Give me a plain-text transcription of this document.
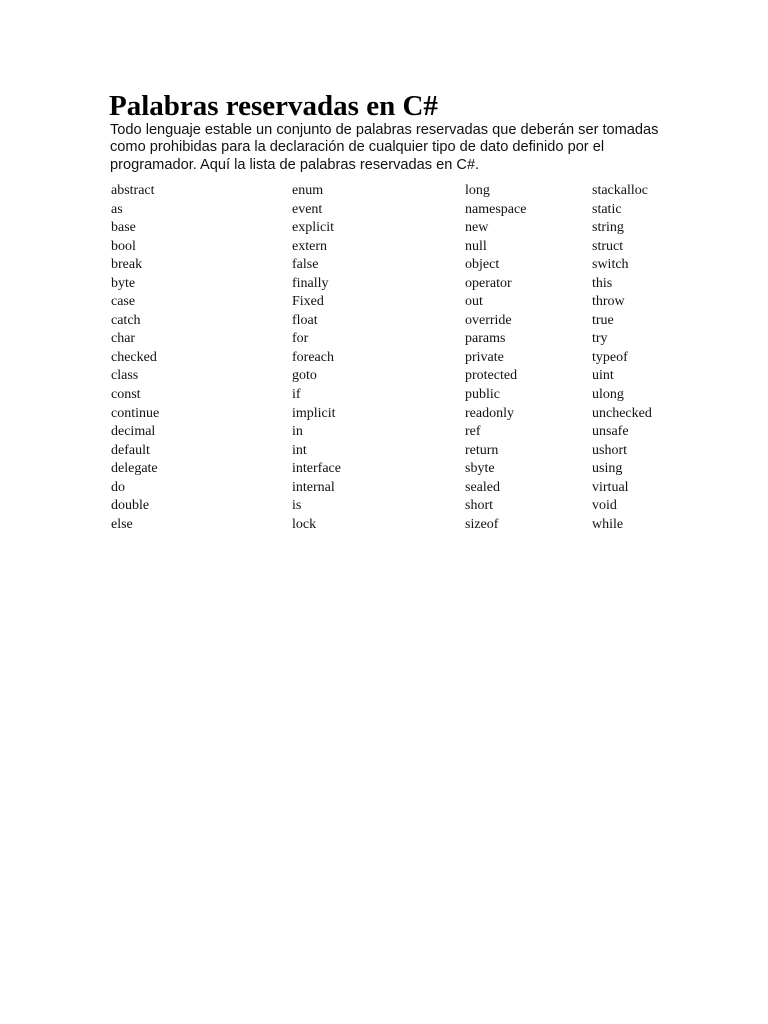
Palabras reservadas en C#

Todo lenguaje estable un conjunto de palabras reservadas que deberán ser tomadas como prohibidas para la declaración de cualquier tipo de dato definido por el programador. Aquí la lista de palabras reservadas en C#.

abstract
as
base
bool
break
byte
case
catch
char
checked
class
const
continue
decimal
default
delegate
do
double
else
enum
event
explicit
extern
false
finally
Fixed
float
for
foreach
goto
if
implicit
in
int
interface
internal
is
lock
long
namespace
new
null
object
operator
out
override
params
private
protected
public
readonly
ref
return
sbyte
sealed
short
sizeof
stackalloc
static
string
struct
switch
this
throw
true
try
typeof
uint
ulong
unchecked
unsafe
ushort
using
virtual
void
while
